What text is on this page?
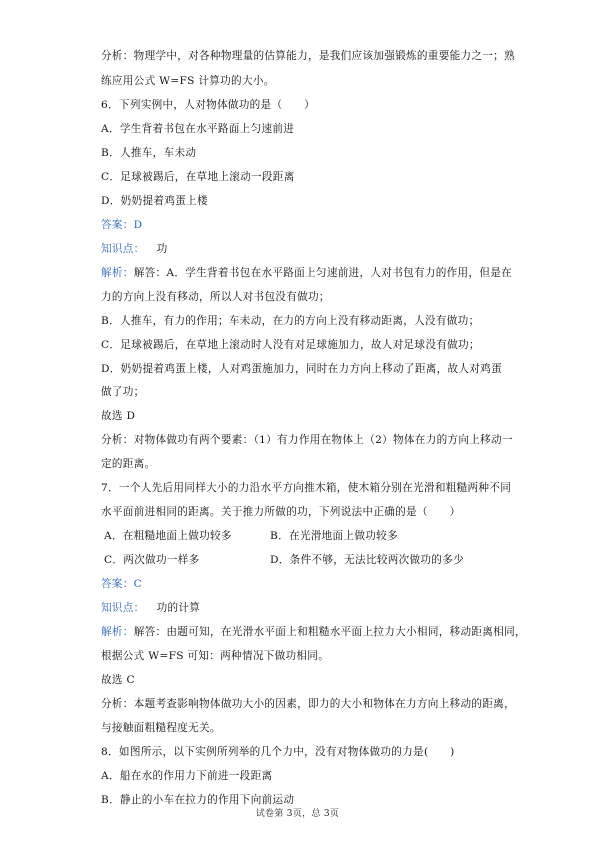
分析：物理学中，对各种物理量的估算能力，是我们应该加强锻炼的重要能力之一；熟
练应用公式 W=FS 计算功的大小。
6．下列实例中，人对物体做功的是（　　）
A．学生背着书包在水平路面上匀速前进
B．人推车，车未动
C．足球被踢后，在草地上滚动一段距离
D．奶奶提着鸡蛋上楼
答案：D
知识点： 功
解析：解答：A．学生背着书包在水平路面上匀速前进，人对书包有力的作用，但是在
力的方向上没有移动，所以人对书包没有做功；
B．人推车，有力的作用；车未动，在力的方向上没有移动距离，人没有做功；
C．足球被踢后，在草地上滚动时人没有对足球施加力，故人对足球没有做功；
D．奶奶提着鸡蛋上楼，人对鸡蛋施加力，同时在力方向上移动了距离，故人对鸡蛋
做了功；
故选 D
分析：对物体做功有两个要素：（1）有力作用在物体上（2）物体在力的方向上移动一
定的距离。
7．一个人先后用同样大小的力沿水平方向推木箱，使木箱分别在光滑和粗糙两种不同
水平面前进相同的距离。关于推力所做的功，下列说法中正确的是（　　）
A．在粗糙地面上做功较多	B．在光滑地面上做功较多
C．两次做功一样多	D．条件不够，无法比较两次做功的多少
答案：C
知识点： 功的计算
解析：解答：由题可知，在光滑水平面上和粗糙水平面上拉力大小相同，移动距离相同，
根据公式 W=FS 可知：两种情况下做功相同。
故选 C
分析：本题考查影响物体做功大小的因素，即力的大小和物体在力方向上移动的距离，
与接触面粗糙程度无关。
8．如图所示，以下实例所列举的几个力中，没有对物体做功的力是(　　)
A．船在水的作用力下前进一段距离
B．静止的小车在拉力的作用下向前运动
试卷第 3页，总 3页
